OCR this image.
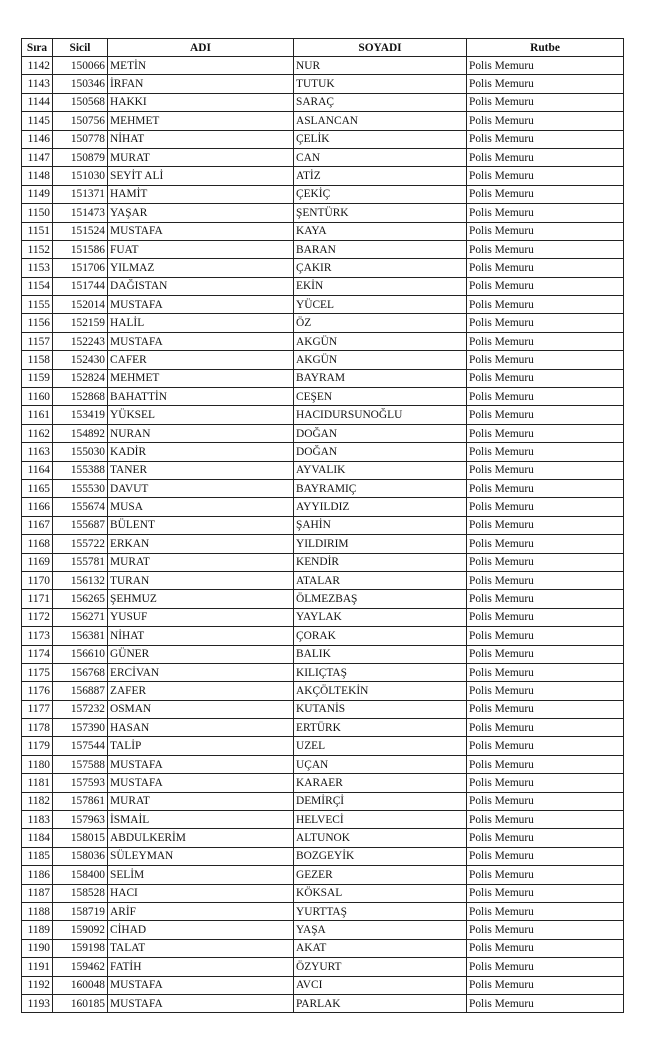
Sıra	Sicil	ADI	SOYADI	Rutbe
1142	150066	METİN	NUR	Polis Memuru
1143	150346	İRFAN	TUTUK	Polis Memuru
1144	150568	HAKKI	SARAÇ	Polis Memuru
1145	150756	MEHMET	ASLANCAN	Polis Memuru
1146	150778	NİHAT	ÇELİK	Polis Memuru
1147	150879	MURAT	CAN	Polis Memuru
1148	151030	SEYİT ALİ	ATİZ	Polis Memuru
1149	151371	HAMİT	ÇEKİÇ	Polis Memuru
1150	151473	YAŞAR	ŞENTÜRK	Polis Memuru
1151	151524	MUSTAFA	KAYA	Polis Memuru
1152	151586	FUAT	BARAN	Polis Memuru
1153	151706	YILMAZ	ÇAKIR	Polis Memuru
1154	151744	DAĞISTAN	EKİN	Polis Memuru
1155	152014	MUSTAFA	YÜCEL	Polis Memuru
1156	152159	HALİL	ÖZ	Polis Memuru
1157	152243	MUSTAFA	AKGÜN	Polis Memuru
1158	152430	CAFER	AKGÜN	Polis Memuru
1159	152824	MEHMET	BAYRAM	Polis Memuru
1160	152868	BAHATTİN	CEŞEN	Polis Memuru
1161	153419	YÜKSEL	HACIDURSUNOĞLU	Polis Memuru
1162	154892	NURAN	DOĞAN	Polis Memuru
1163	155030	KADİR	DOĞAN	Polis Memuru
1164	155388	TANER	AYVALIK	Polis Memuru
1165	155530	DAVUT	BAYRAMIÇ	Polis Memuru
1166	155674	MUSA	AYYILDIZ	Polis Memuru
1167	155687	BÜLENT	ŞAHİN	Polis Memuru
1168	155722	ERKAN	YILDIRIM	Polis Memuru
1169	155781	MURAT	KENDİR	Polis Memuru
1170	156132	TURAN	ATALAR	Polis Memuru
1171	156265	ŞEHMUZ	ÖLMEZBAŞ	Polis Memuru
1172	156271	YUSUF	YAYLAK	Polis Memuru
1173	156381	NİHAT	ÇORAK	Polis Memuru
1174	156610	GÜNER	BALIK	Polis Memuru
1175	156768	ERCİVAN	KILIÇTAŞ	Polis Memuru
1176	156887	ZAFER	AKÇÖLTEKİN	Polis Memuru
1177	157232	OSMAN	KUTANİS	Polis Memuru
1178	157390	HASAN	ERTÜRK	Polis Memuru
1179	157544	TALİP	UZEL	Polis Memuru
1180	157588	MUSTAFA	UÇAN	Polis Memuru
1181	157593	MUSTAFA	KARAER	Polis Memuru
1182	157861	MURAT	DEMİRÇİ	Polis Memuru
1183	157963	İSMAİL	HELVECİ	Polis Memuru
1184	158015	ABDULKERİM	ALTUNOK	Polis Memuru
1185	158036	SÜLEYMAN	BOZGEYİK	Polis Memuru
1186	158400	SELİM	GEZER	Polis Memuru
1187	158528	HACI	KÖKSAL	Polis Memuru
1188	158719	ARİF	YURTTAŞ	Polis Memuru
1189	159092	CİHAD	YAŞA	Polis Memuru
1190	159198	TALAT	AKAT	Polis Memuru
1191	159462	FATİH	ÖZYURT	Polis Memuru
1192	160048	MUSTAFA	AVCI	Polis Memuru
1193	160185	MUSTAFA	PARLAK	Polis Memuru
